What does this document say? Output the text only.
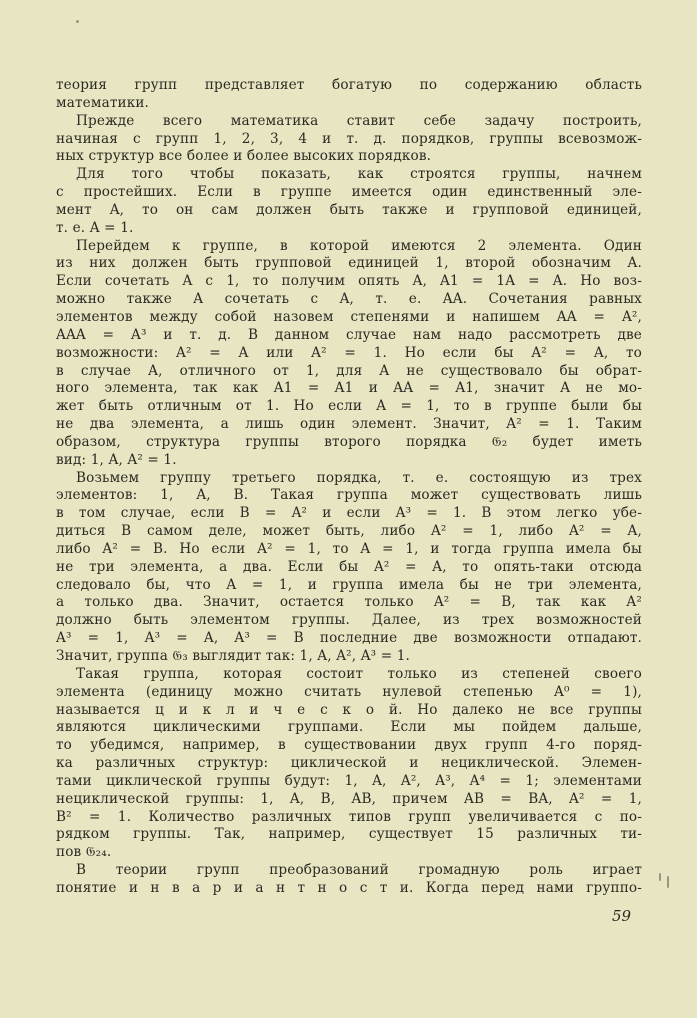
теория групп представляет богатую по содержанию область
математики.
Прежде всего математика ставит себе задачу построить,
начиная с групп 1, 2, 3, 4 и т. д. порядков, группы всевозмож-
ных структур все более и более высоких порядков.
Для того чтобы показать, как строятся группы, начнем
с простейших. Если в группе имеется один единственный эле-
мент A, то он сам должен быть также и групповой единицей,
т. е. A = 1.
Перейдем к группе, в которой имеются 2 элемента. Один
из них должен быть групповой единицей 1, второй обозначим A.
Если сочетать A с 1, то получим опять A, A1 = 1A = A. Но воз-
можно также A сочетать с A, т. е. AA. Сочетания равных
элементов между собой назовем степенями и напишем AA = A²,
AAA = A³ и т. д. В данном случае нам надо рассмотреть две
возможности: A² = A или A² = 1. Но если бы A² = A, то
в случае A, отличного от 1, для A не существовало бы обрат-
ного элемента, так как A1 = A1 и AA = A1, значит A не мо-
жет быть отличным от 1. Но если A = 1, то в группе были бы
не два элемента, а лишь один элемент. Значит, A² = 1. Таким
образом, структура группы второго порядка 𝔊₂ будет иметь
вид: 1, A, A² = 1.
Возьмем группу третьего порядка, т. е. состоящую из трех
элементов: 1, A, B. Такая группа может существовать лишь
в том случае, если B = A² и если A³ = 1. В этом легко убе-
диться В самом деле, может быть, либо A² = 1, либо A² = A,
либо A² = B. Но если A² = 1, то A = 1, и тогда группа имела бы
не три элемента, а два. Если бы A² = A, то опять-таки отсюда
следовало бы, что A = 1, и группа имела бы не три элемента,
а только два. Значит, остается только A² = B, так как A²
должно быть элементом группы. Далее, из трех возможностей
A³ = 1, A³ = A, A³ = B последние две возможности отпадают.
Значит, группа 𝔊₃ выглядит так: 1, A, A², A³ = 1.
Такая группа, которая состоит только из степеней своего
элемента (единицу можно считать нулевой степенью A⁰ = 1),
называется ц и к л и ч е с к о й. Но далеко не все группы
являются циклическими группами. Если мы пойдем дальше,
то убедимся, например, в существовании двух групп 4-го поряд-
ка различных структур: циклической и нециклической. Элемен-
тами циклической группы будут: 1, A, A², A³, A⁴ = 1; элементами
нециклической группы: 1, A, B, AB, причем AB = BA, A² = 1,
B² = 1. Количество различных типов групп увеличивается с по-
рядком группы. Так, например, существует 15 различных ти-
пов 𝔊₂₄.
В теории групп преобразований громадную роль играет
понятие и н в а р и а н т н о с т и. Когда перед нами группо-
59
